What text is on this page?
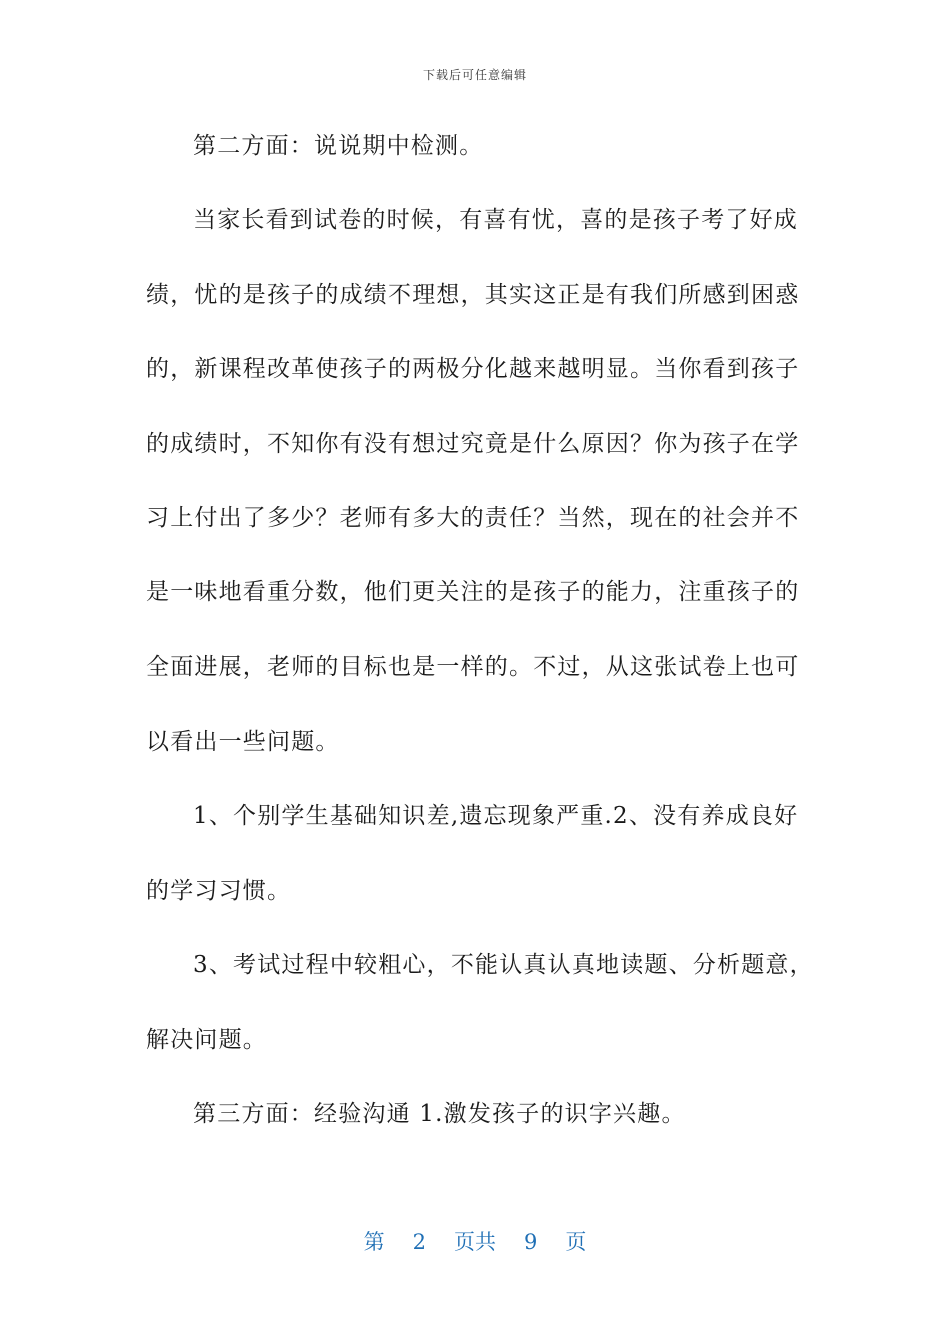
下载后可任意编辑
第二方面：说说期中检测。
当家长看到试卷的时候，有喜有忧，喜的是孩子考了好成
绩，忧的是孩子的成绩不理想，其实这正是有我们所感到困惑
的，新课程改革使孩子的两极分化越来越明显。当你看到孩子
的成绩时，不知你有没有想过究竟是什么原因？你为孩子在学
习上付出了多少？老师有多大的责任？当然，现在的社会并不
是一味地看重分数，他们更关注的是孩子的能力，注重孩子的
全面进展，老师的目标也是一样的。不过，从这张试卷上也可
以看出一些问题。
1、个别学生基础知识差,遗忘现象严重.2、没有养成良好
的学习习惯。
3、考试过程中较粗心，不能认真认真地读题、分析题意，
解决问题。
第三方面：经验沟通 1.激发孩子的识字兴趣。
第 2 页共 9 页
